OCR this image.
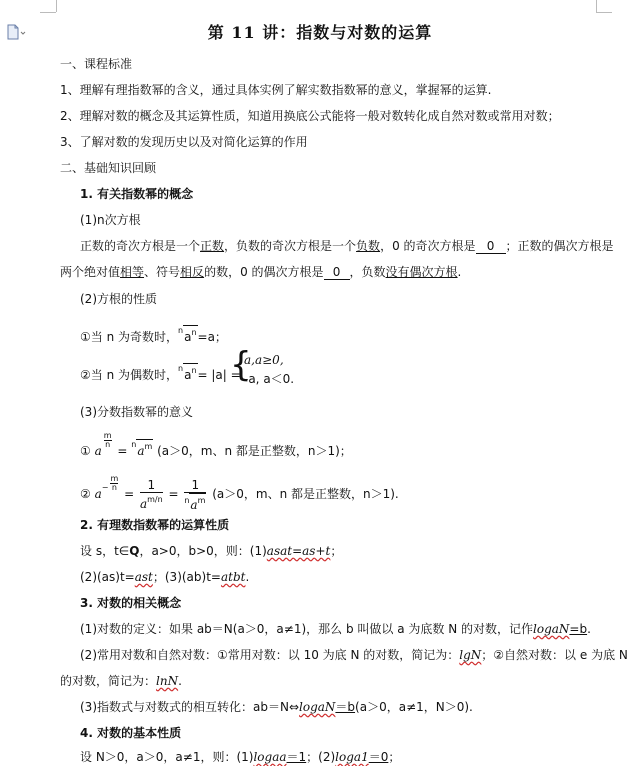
第 11 讲：指数与对数的运算
一、课程标准
1、理解有理指数幂的含义，通过具体实例了解实数指数幂的意义，掌握幂的运算.
2、理解对数的概念及其运算性质，知道用换底公式能将一般对数转化成自然对数或常用对数；
3、了解对数的发现历史以及对简化运算的作用
二、基础知识回顾
1. 有关指数幂的概念
(1)n次方根
正数的奇次方根是一个正数，负数的奇次方根是一个负数，0 的奇次方根是 0 ；正数的偶次方根是
两个绝对值相等、符号相反的数，0 的偶次方根是 0 ，负数没有偶次方根.
(2)方根的性质
①当 n 为奇数时，$^na^n=a$；
②当 n 为偶数时，$^na^n= |a|$ =
{
a,a≥0,
-a, a＜0.
(3)分数指数幂的意义
① a
$\frac{m}{n}$
= $^na^m$ (a＞0，m、n 都是正整数，n＞1)；
② $a^- \frac{m}{n}$
= $\frac{1}{a^{m/n}} = \frac{1}{^na^m} (a>0$，m、n 都是正整数，n＞1).
2. 有理数指数幂的运算性质
设 s，t∈Q，a>0，b>0，则：(1)asat=as+t；
(2)(as)t=ast；(3)(ab)t=atbt.
3. 对数的相关概念
(1)对数的定义：如果 ab＝N(a＞0，a≠1)，那么 b 叫做以 a 为底数 N 的对数，记作logaN=b.
(2)常用对数和自然对数：①常用对数：以 10 为底 N 的对数，简记为：lgN；②自然对数：以 e 为底 N
的对数，简记为：lnN.
(3)指数式与对数式的相互转化：ab＝N⇔logaN＝b(a＞0，a≠1，N＞0).
4. 对数的基本性质
设 N＞0，a＞0，a≠1，则：(1)logaa＝1；(2)loga1＝0；
